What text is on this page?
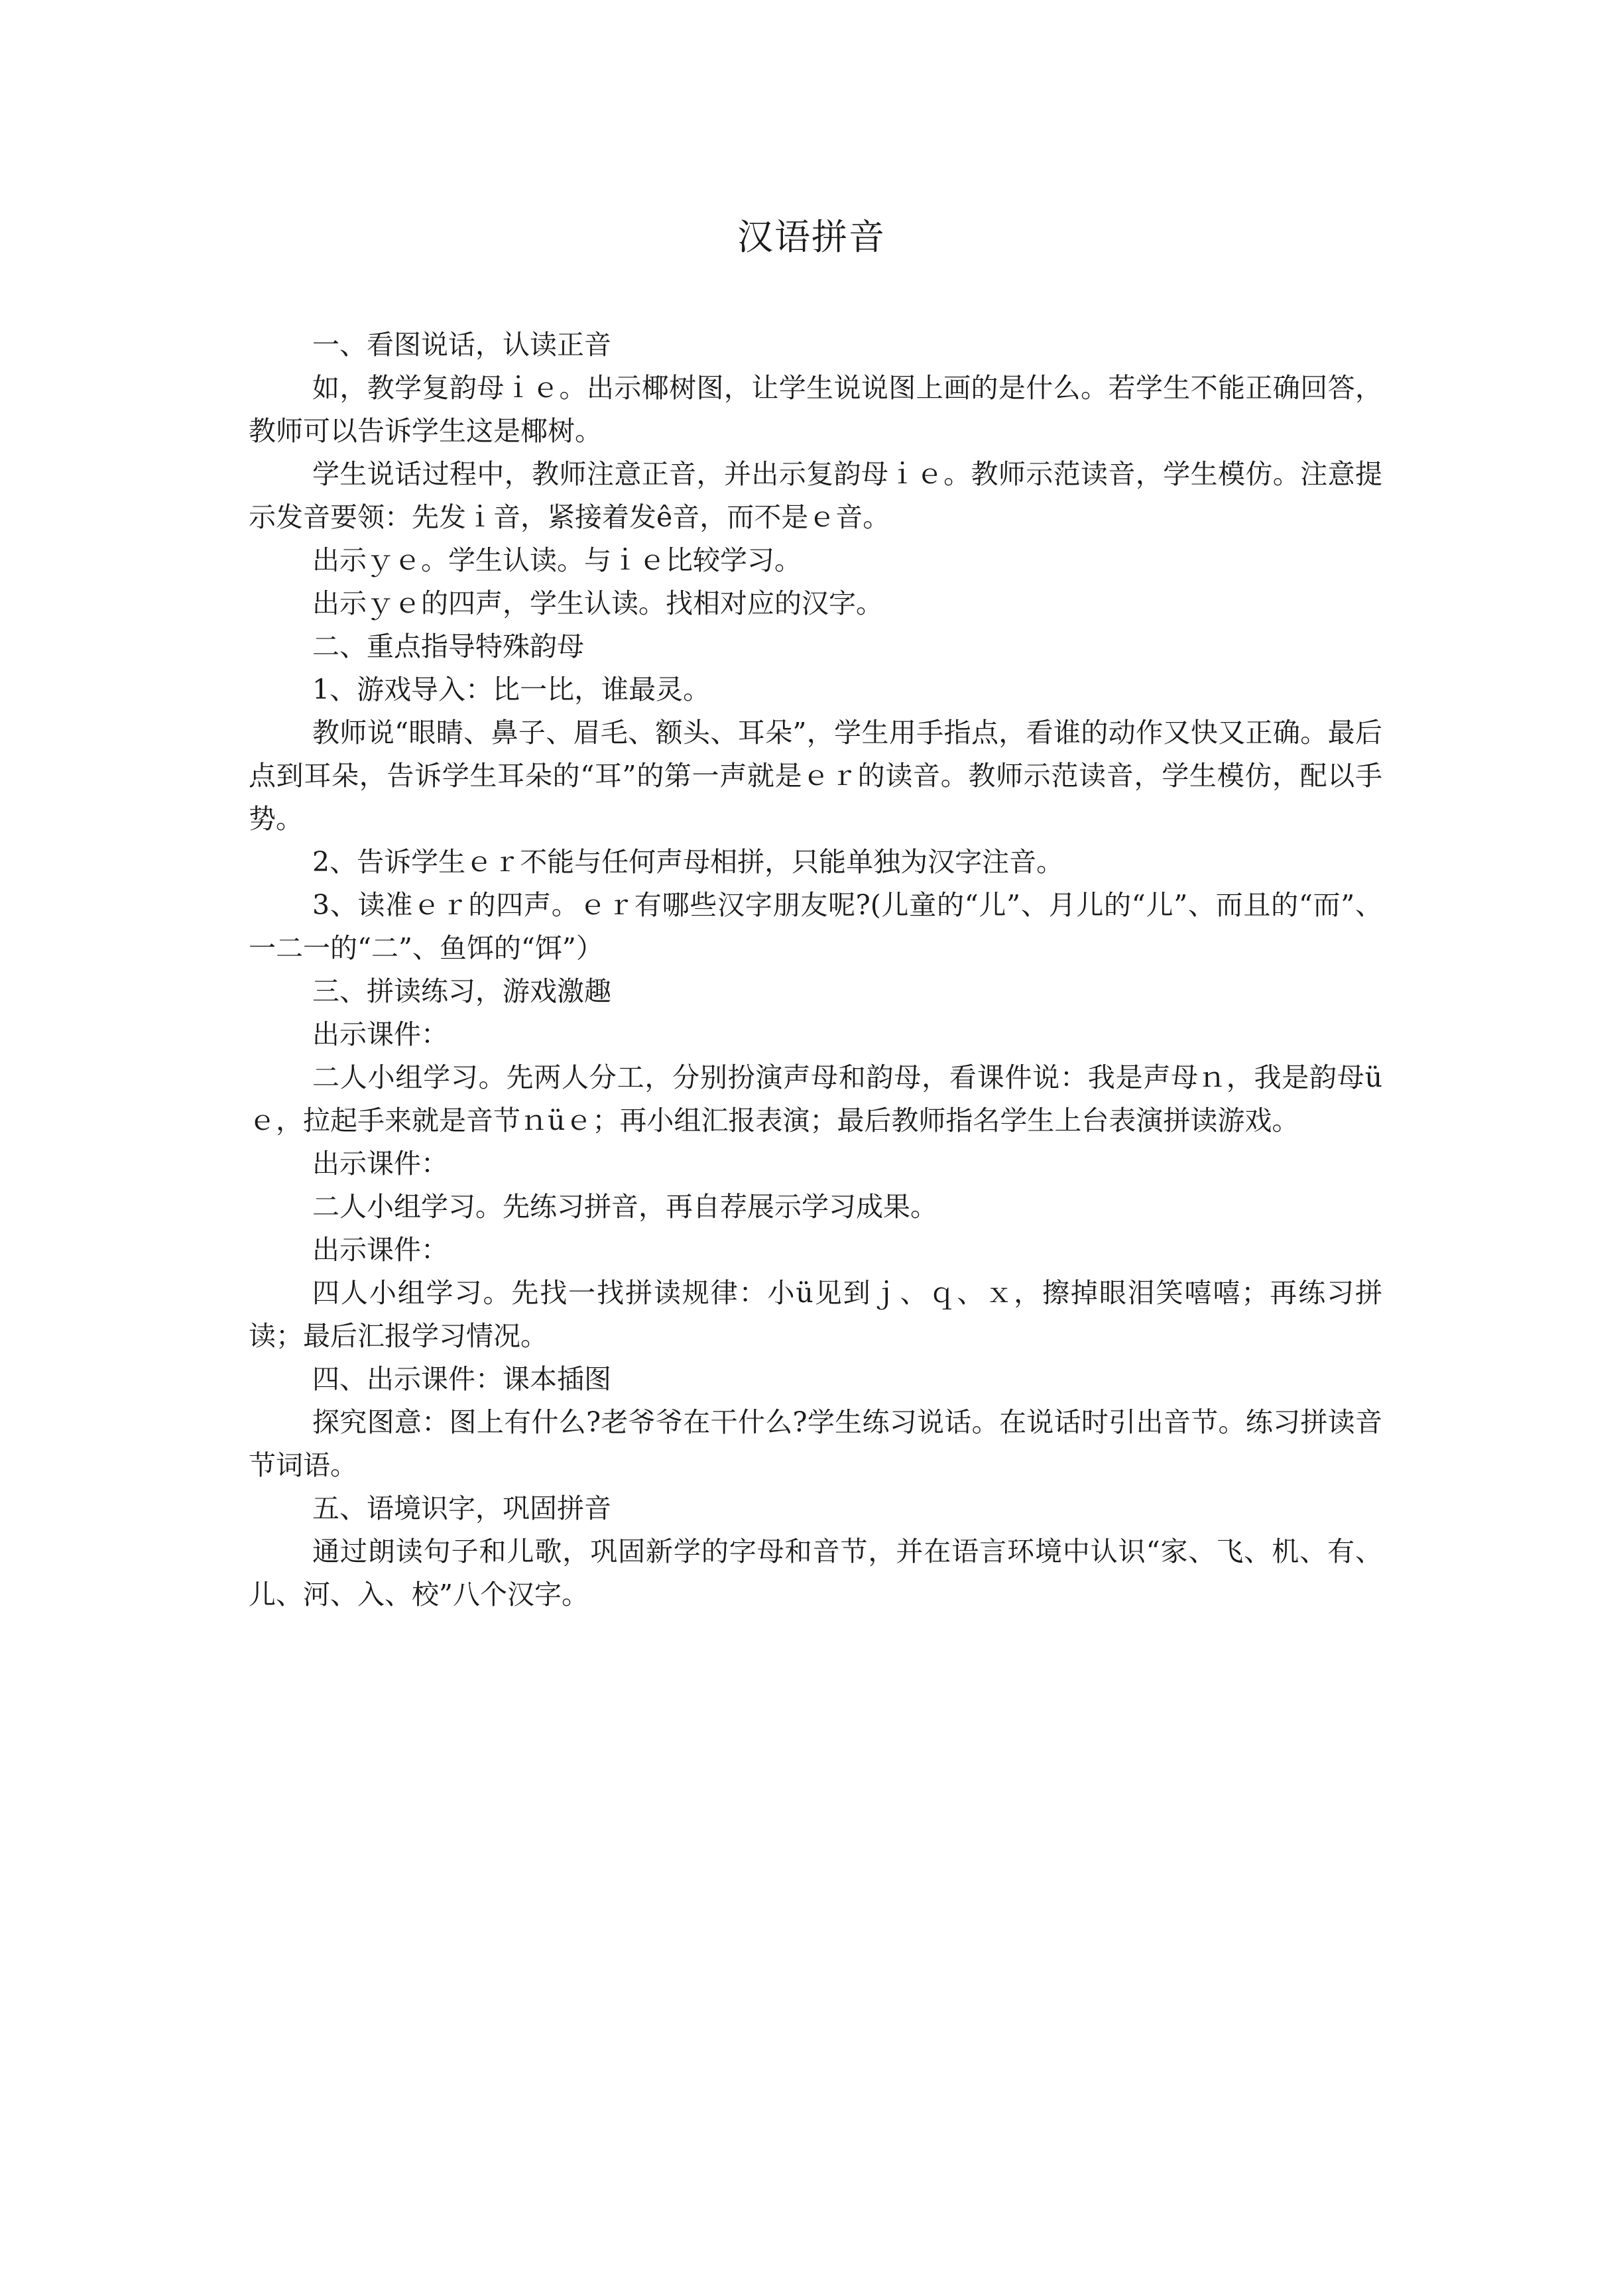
汉语拼音

一、看图说话，认读正音

如，教学复韵母ｉｅ。出示椰树图，让学生说说图上画的是什么。若学生不能正确回答，教师可以告诉学生这是椰树。

学生说话过程中，教师注意正音，并出示复韵母ｉｅ。教师示范读音，学生模仿。注意提示发音要领：先发ｉ音，紧接着发ê音，而不是ｅ音。

出示ｙｅ。学生认读。与ｉｅ比较学习。

出示ｙｅ的四声，学生认读。找相对应的汉字。

二、重点指导特殊韵母

1、游戏导入：比一比，谁最灵。

教师说“眼睛、鼻子、眉毛、额头、耳朵”，学生用手指点，看谁的动作又快又正确。最后点到耳朵，告诉学生耳朵的“耳”的第一声就是ｅｒ的读音。教师示范读音，学生模仿，配以手势。

2、告诉学生ｅｒ不能与任何声母相拼，只能单独为汉字注音。

3、读准ｅｒ的四声。ｅｒ有哪些汉字朋友呢?(儿童的“儿”、月儿的“儿”、而且的“而”、一二一的“二”、鱼饵的“饵”）

三、拼读练习，游戏激趣

出示课件：

二人小组学习。先两人分工，分别扮演声母和韵母，看课件说：我是声母ｎ，我是韵母üｅ，拉起手来就是音节ｎüｅ；再小组汇报表演；最后教师指名学生上台表演拼读游戏。

出示课件：

二人小组学习。先练习拼音，再自荐展示学习成果。

出示课件：

四人小组学习。先找一找拼读规律：小ü见到ｊ、ｑ、ｘ，擦掉眼泪笑嘻嘻；再练习拼读；最后汇报学习情况。

四、出示课件：课本插图

探究图意：图上有什么?老爷爷在干什么?学生练习说话。在说话时引出音节。练习拼读音节词语。

五、语境识字，巩固拼音

通过朗读句子和儿歌，巩固新学的字母和音节，并在语言环境中认识“家、飞、机、有、儿、河、入、校”八个汉字。
